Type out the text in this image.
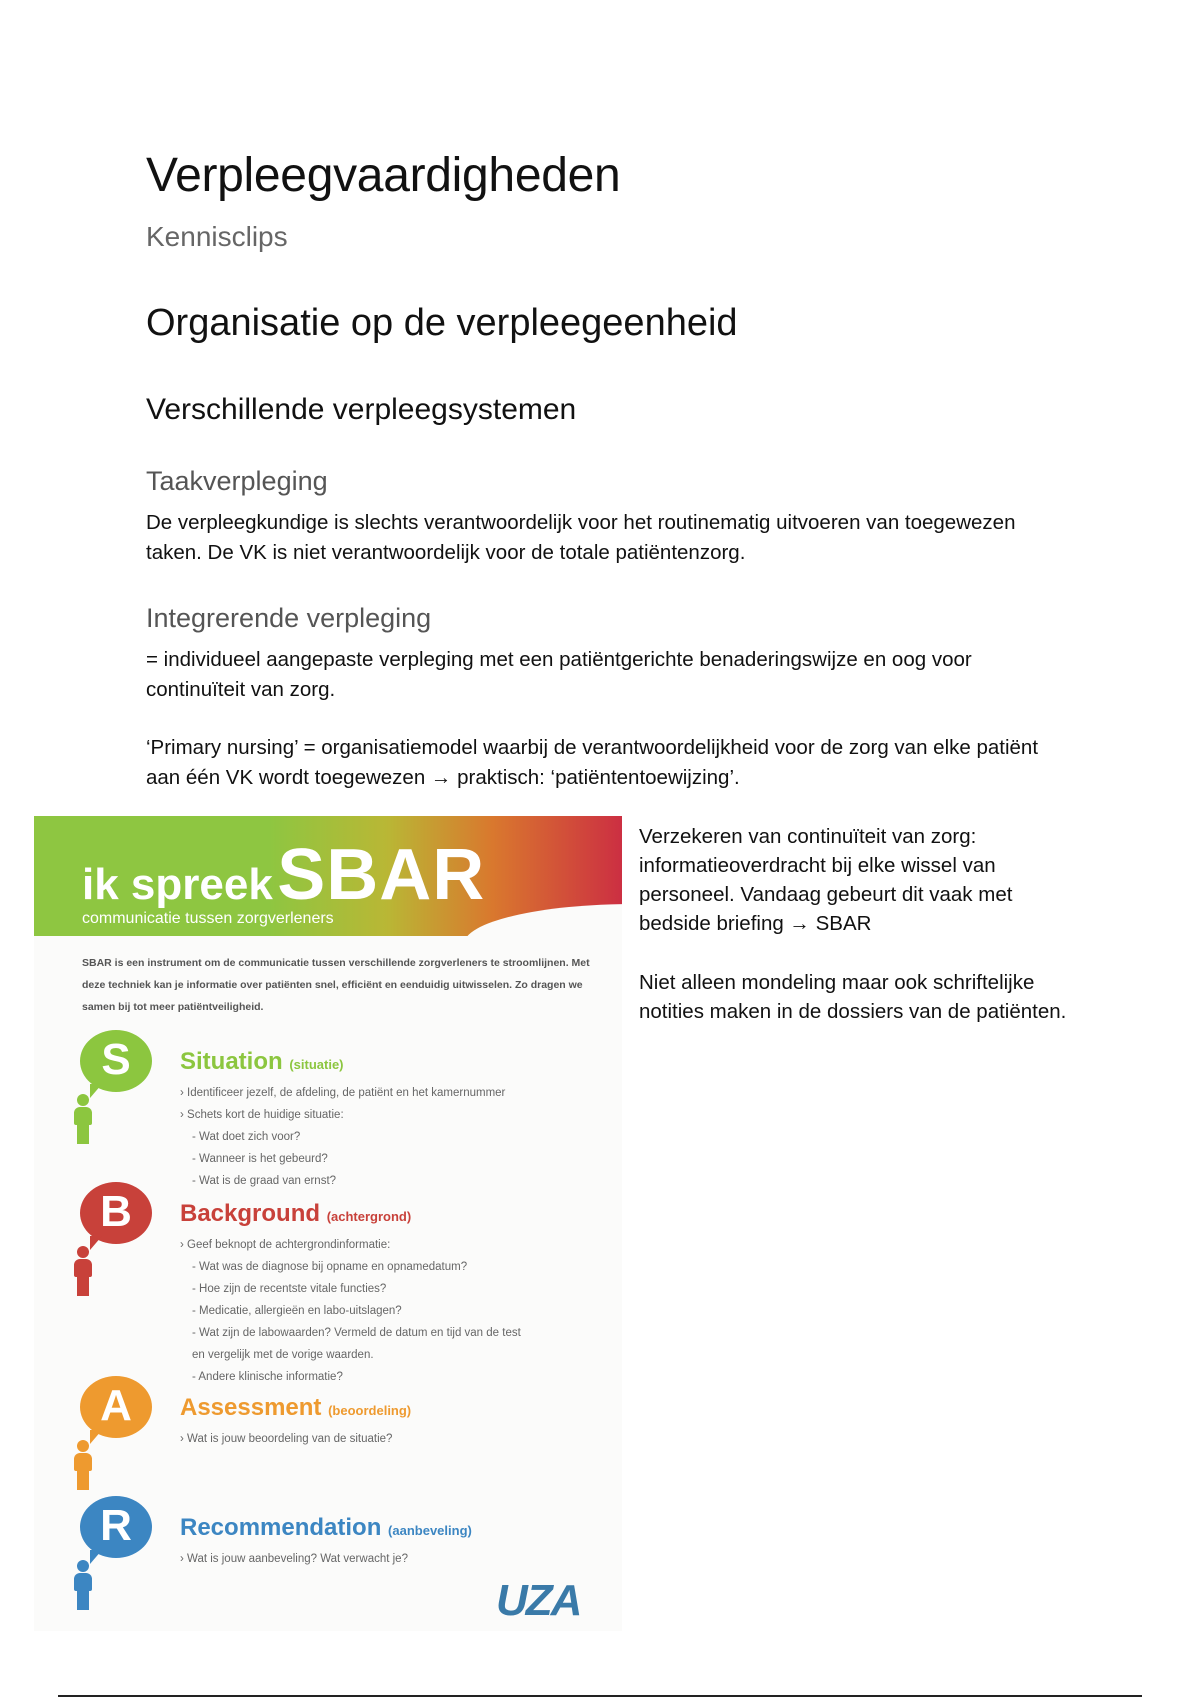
Verpleegvaardigheden
Kennisclips
Organisatie op de verpleegeenheid
Verschillende verpleegsystemen
Taakverpleging
De verpleegkundige is slechts verantwoordelijk voor het routinematig uitvoeren van toegewezen taken. De VK is niet verantwoordelijk voor de totale patiëntenzorg.
Integrerende verpleging
= individueel aangepaste verpleging met een patiëntgerichte benaderingswijze en oog voor continuïteit van zorg.
‘Primary nursing’ = organisatiemodel waarbij de verantwoordelijkheid voor de zorg van elke patiënt aan één VK wordt toegewezen → praktisch: ‘patiëntentoewijzing’.
ik spreek SBAR
communicatie tussen zorgverleners
SBAR is een instrument om de communicatie tussen verschillende zorgverleners te stroomlijnen. Met deze techniek kan je informatie over patiënten snel, efficiënt en eenduidig uitwisselen. Zo dragen we samen bij tot meer patiëntveiligheid.
S	Situation (situatie)
› Identificeer jezelf, de afdeling, de patiënt en het kamernummer
› Schets kort de huidige situatie:
- Wat doet zich voor?
- Wanneer is het gebeurd?
- Wat is de graad van ernst?
B	Background (achtergrond)
› Geef beknopt de achtergrondinformatie:
- Wat was de diagnose bij opname en opnamedatum?
- Hoe zijn de recentste vitale functies?
- Medicatie, allergieën en labo-uitslagen?
- Wat zijn de labowaarden? Vermeld de datum en tijd van de test
en vergelijk met de vorige waarden.
- Andere klinische informatie?
A	Assessment (beoordeling)
› Wat is jouw beoordeling van de situatie?
R	Recommendation (aanbeveling)
› Wat is jouw aanbeveling? Wat verwacht je?
UZA
Verzekeren van continuïteit van zorg: informatieoverdracht bij elke wissel van personeel. Vandaag gebeurt dit vaak met bedside briefing → SBAR
Niet alleen mondeling maar ook schriftelijke notities maken in de dossiers van de patiënten.
